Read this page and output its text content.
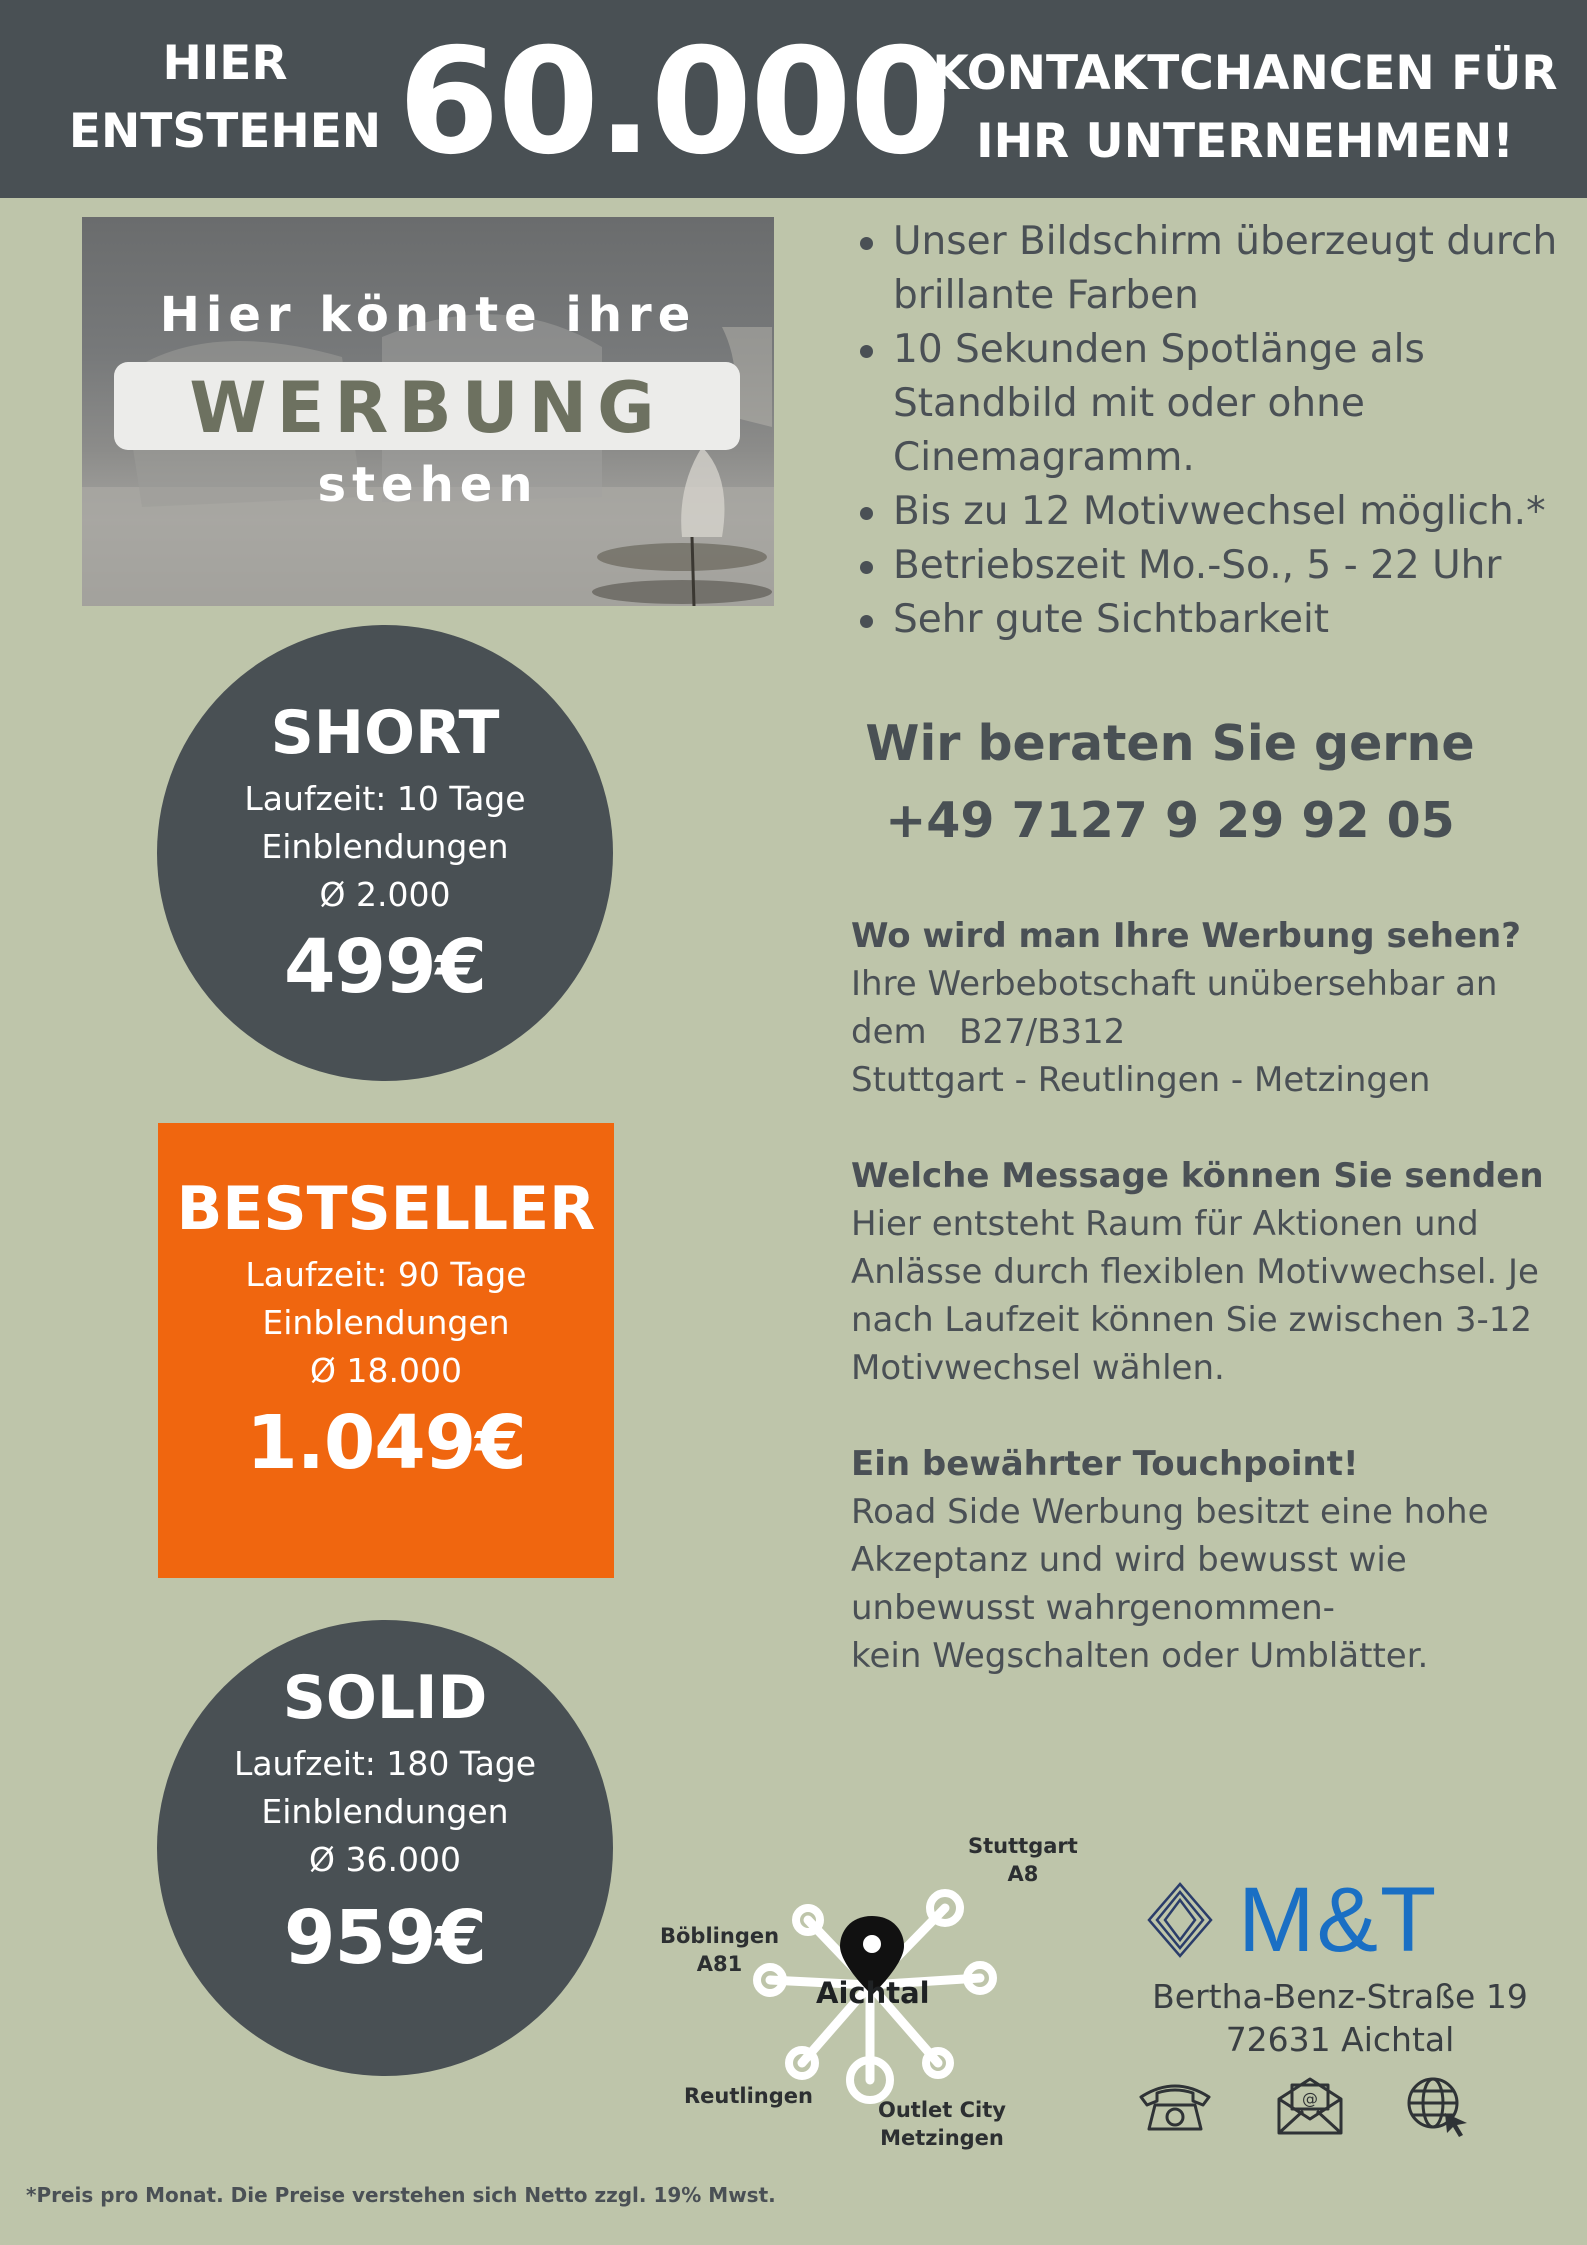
HIER
ENTSTEHEN 60.000
KONTAKTCHANCEN FÜR
IHR UNTERNEHMEN!
Hier könnte ihre
WERBUNG
stehen
Unser Bildschirm überzeugt durch brillante Farben
10 Sekunden Spotlänge als Standbild mit oder ohne Cinemagramm.
Bis zu 12 Motivwechsel möglich.*
Betriebszeit Mo.-So., 5 - 22 Uhr
Sehr gute Sichtbarkeit
SHORT
Laufzeit: 10 Tage
Einblendungen
Ø 2.000
499€
BESTSELLER
Laufzeit: 90 Tage
Einblendungen
Ø 18.000
1.049€
SOLID
Laufzeit: 180 Tage
Einblendungen
Ø 36.000
959€
Wir beraten Sie gerne
+49 7127 9 29 92 05
Wo wird man Ihre Werbung sehen?

Ihre Werbebotschaft unübersehbar an
dem   B27/B312
Stuttgart - Reutlingen - Metzingen

Welche Message können Sie senden

Hier entsteht Raum für Aktionen und
Anlässe durch flexiblen Motivwechsel. Je
nach Laufzeit können Sie zwischen 3-12
Motivwechsel wählen.

Ein bewährter Touchpoint!

Road Side Werbung besitzt eine hohe
Akzeptanz und wird bewusst wie
unbewusst wahrgenommen-
kein Wegschalten oder Umblätter.

Aichtal
Stuttgart
A8
Böblingen
A81
Reutlingen
Outlet City
Metzingen
M&T
Bertha-Benz-Straße 19
72631 Aichtal
@
*Preis pro Monat. Die Preise verstehen sich Netto zzgl. 19% Mwst.
